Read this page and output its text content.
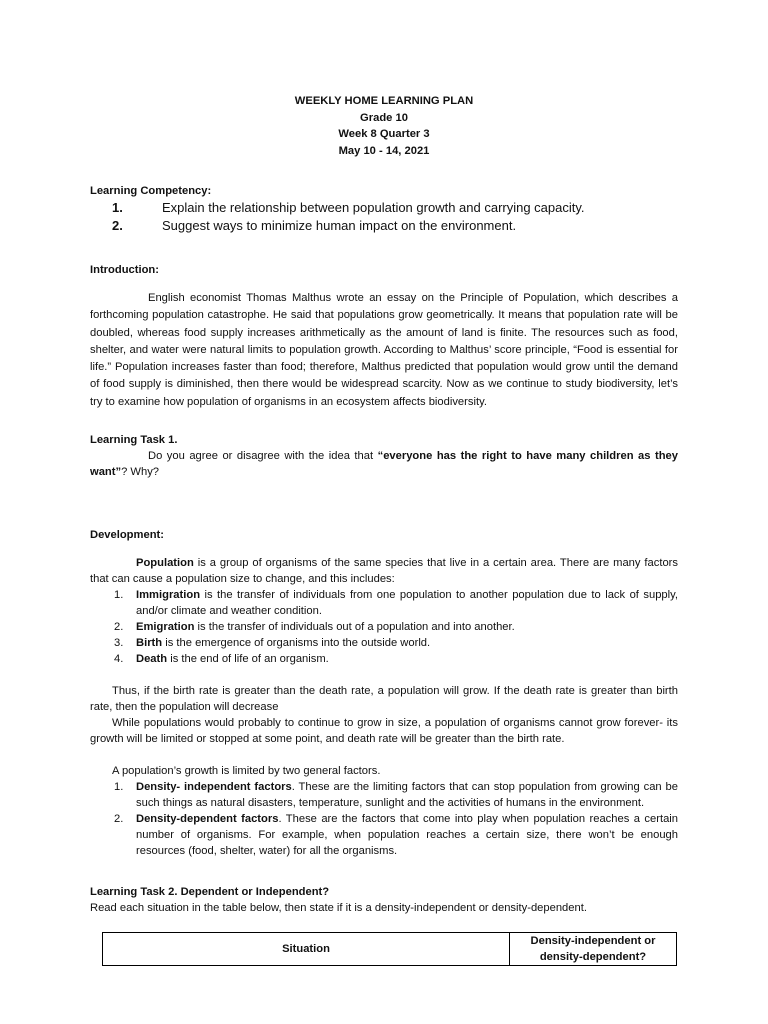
WEEKLY HOME LEARNING PLAN
Grade 10
Week 8 Quarter 3
May 10 - 14, 2021
Learning Competency:
1.	Explain the relationship between population growth and carrying capacity.
2.	Suggest ways to minimize human impact on the environment.
Introduction:
English economist Thomas Malthus wrote an essay on the Principle of Population, which describes a forthcoming population catastrophe. He said that populations grow geometrically. It means that population rate will be doubled, whereas food supply increases arithmetically as the amount of land is finite. The resources such as food, shelter, and water were natural limits to population growth. According to Malthus’ score principle, “Food is essential for life.” Population increases faster than food; therefore, Malthus predicted that population would grow until the demand of food supply is diminished, then there would be widespread scarcity. Now as we continue to study biodiversity, let’s try to examine how population of organisms in an ecosystem affects biodiversity.
Learning Task 1.
Do you agree or disagree with the idea that “everyone has the right to have many children as they want”? Why?
Development:
Population is a group of organisms of the same species that live in a certain area. There are many factors that can cause a population size to change, and this includes:
1.	Immigration is the transfer of individuals from one population to another population due to lack of supply, and/or climate and weather condition.
2.	Emigration is the transfer of individuals out of a population and into another.
3.	Birth is the emergence of organisms into the outside world.
4.	Death is the end of life of an organism.
Thus, if the birth rate is greater than the death rate, a population will grow. If the death rate is greater than birth rate, then the population will decrease
While populations would probably to continue to grow in size, a population of organisms cannot grow forever- its growth will be limited or stopped at some point, and death rate will be greater than the birth rate.
A population’s growth is limited by two general factors.
1.	Density- independent factors. These are the limiting factors that can stop population from growing can be such things as natural disasters, temperature, sunlight and the activities of humans in the environment.
2.	Density-dependent factors. These are the factors that come into play when population reaches a certain number of organisms. For example, when population reaches a certain size, there won’t be enough resources (food, shelter, water) for all the organisms.
Learning Task 2. Dependent or Independent?
Read each situation in the table below, then state if it is a density-independent or density-dependent.
Situation	
Density-independent or
density-dependent?
